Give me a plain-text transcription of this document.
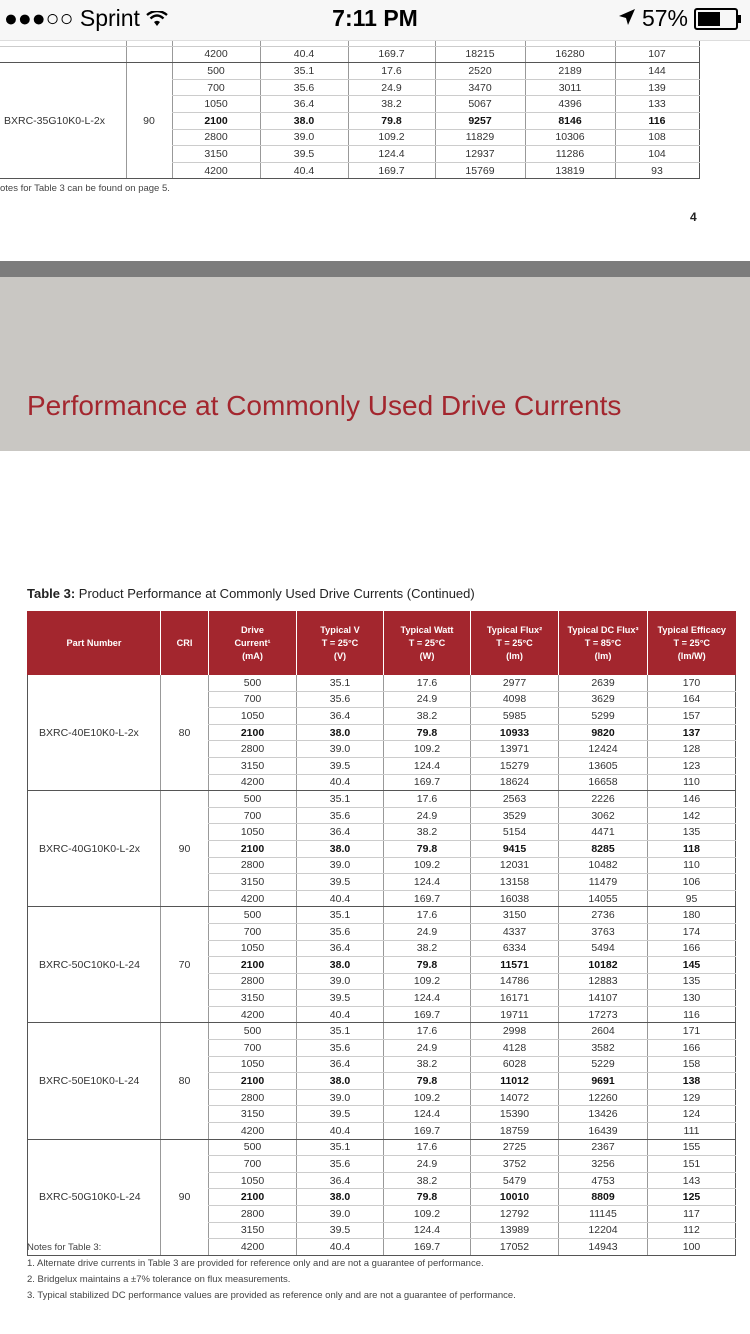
●●●○○ Sprint	7:11 PM	57%

		4200	40.4	169.7	18215	16280	107
BXRC-35G10K0-L-2x	90	500	35.1	17.6	2520	2189	144
		700	35.6	24.9	3470	3011	139
		1050	36.4	38.2	5067	4396	133
		2100	38.0	79.8	9257	8146	116
		2800	39.0	109.2	11829	10306	108
		3150	39.5	124.4	12937	11286	104
		4200	40.4	169.7	15769	13819	93
otes for Table 3 can be found on page 5.
4
Performance at Commonly Used Drive Currents
Table 3: Product Performance at Commonly Used Drive Currents (Continued)
Part Number	CRI	Drive
Current¹
(mA)	Typical V
T = 25°C
(V)	Typical Watt
T = 25°C
(W)	Typical Flux²
T = 25°C
(lm)	Typical DC Flux³
T = 85°C
(lm)	Typical Efficacy
T = 25°C
(lm/W)

BXRC-40E10K0-L-2x	80	500	35.1	17.6	2977	2639	170
		700	35.6	24.9	4098	3629	164
		1050	36.4	38.2	5985	5299	157
		2100	38.0	79.8	10933	9820	137
		2800	39.0	109.2	13971	12424	128
		3150	39.5	124.4	15279	13605	123
		4200	40.4	169.7	18624	16658	110
BXRC-40G10K0-L-2x	90	500	35.1	17.6	2563	2226	146
		700	35.6	24.9	3529	3062	142
		1050	36.4	38.2	5154	4471	135
		2100	38.0	79.8	9415	8285	118
		2800	39.0	109.2	12031	10482	110
		3150	39.5	124.4	13158	11479	106
		4200	40.4	169.7	16038	14055	95
BXRC-50C10K0-L-24	70	500	35.1	17.6	3150	2736	180
		700	35.6	24.9	4337	3763	174
		1050	36.4	38.2	6334	5494	166
		2100	38.0	79.8	11571	10182	145
		2800	39.0	109.2	14786	12883	135
		3150	39.5	124.4	16171	14107	130
		4200	40.4	169.7	19711	17273	116
BXRC-50E10K0-L-24	80	500	35.1	17.6	2998	2604	171
		700	35.6	24.9	4128	3582	166
		1050	36.4	38.2	6028	5229	158
		2100	38.0	79.8	11012	9691	138
		2800	39.0	109.2	14072	12260	129
		3150	39.5	124.4	15390	13426	124
		4200	40.4	169.7	18759	16439	111
BXRC-50G10K0-L-24	90	500	35.1	17.6	2725	2367	155
		700	35.6	24.9	3752	3256	151
		1050	36.4	38.2	5479	4753	143
		2100	38.0	79.8	10010	8809	125
		2800	39.0	109.2	12792	11145	117
		3150	39.5	124.4	13989	12204	112
		4200	40.4	169.7	17052	14943	100
Notes for Table 3:
1. Alternate drive currents in Table 3 are provided for reference only and are not a guarantee of performance.
2. Bridgelux maintains a ±7% tolerance on flux measurements.
3. Typical stabilized DC performance values are provided as reference only and are not a guarantee of performance.
